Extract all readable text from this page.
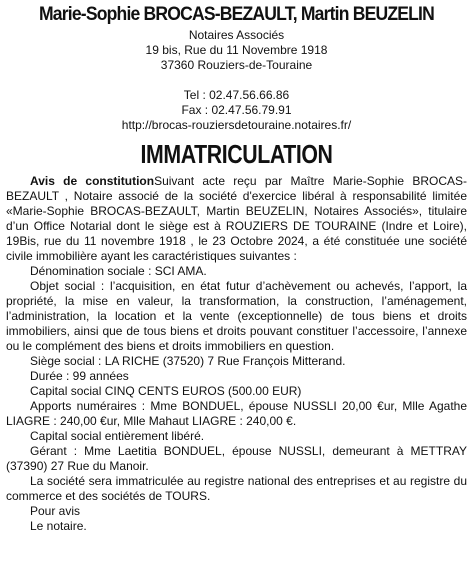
Marie-Sophie BROCAS-BEZAULT, Martin BEUZELIN
Notaires Associés
19 bis, Rue du 11 Novembre 1918
37360 Rouziers-de-Touraine
Tel : 02.47.56.66.86
Fax : 02.47.56.79.91
http://brocas-rouziersdetouraine.notaires.fr/
IMMATRICULATION

Avis de constitutionSuivant acte reçu par Maître Marie-Sophie BROCAS-BEZAULT , Notaire associé de la société d'exercice libéral à responsabilité limitée «Marie-Sophie BROCAS-BEZAULT, Martin BEUZELIN, Notaires Associés», titulaire d’un Office Notarial dont le siège est à ROUZIERS DE TOURAINE (Indre et Loire), 19Bis, rue du 11 novembre 1918 , le 23 Octobre 2024, a été constituée une société civile immobilière ayant les caractéristiques suivantes :

Dénomination sociale : SCI AMA.

Objet social : l’acquisition, en état futur d’achèvement ou achevés, l’apport, la propriété, la mise en valeur, la transformation, la construction, l’aménagement, l’administration, la location et la vente (exceptionnelle) de tous biens et droits immobiliers, ainsi que de tous biens et droits pouvant constituer l’accessoire, l’annexe ou le complément des biens et droits immobiliers en question.

Siège social : LA RICHE (37520) 7 Rue François Mitterand.

Durée : 99 années

Capital social CINQ CENTS EUROS (500.00 EUR)

Apports numéraires : Mme BONDUEL, épouse NUSSLI 20,00 €ur, Mlle Agathe LIAGRE : 240,00 €ur, Mlle Mahaut LIAGRE : 240,00 €.

Capital social entièrement libéré.

Gérant : Mme Laetitia BONDUEL, épouse NUSSLI, demeurant à METTRAY (37390) 27 Rue du Manoir.

La société sera immatriculée au registre national des entreprises et au registre du commerce et des sociétés de TOURS.

Pour avis

Le notaire.
